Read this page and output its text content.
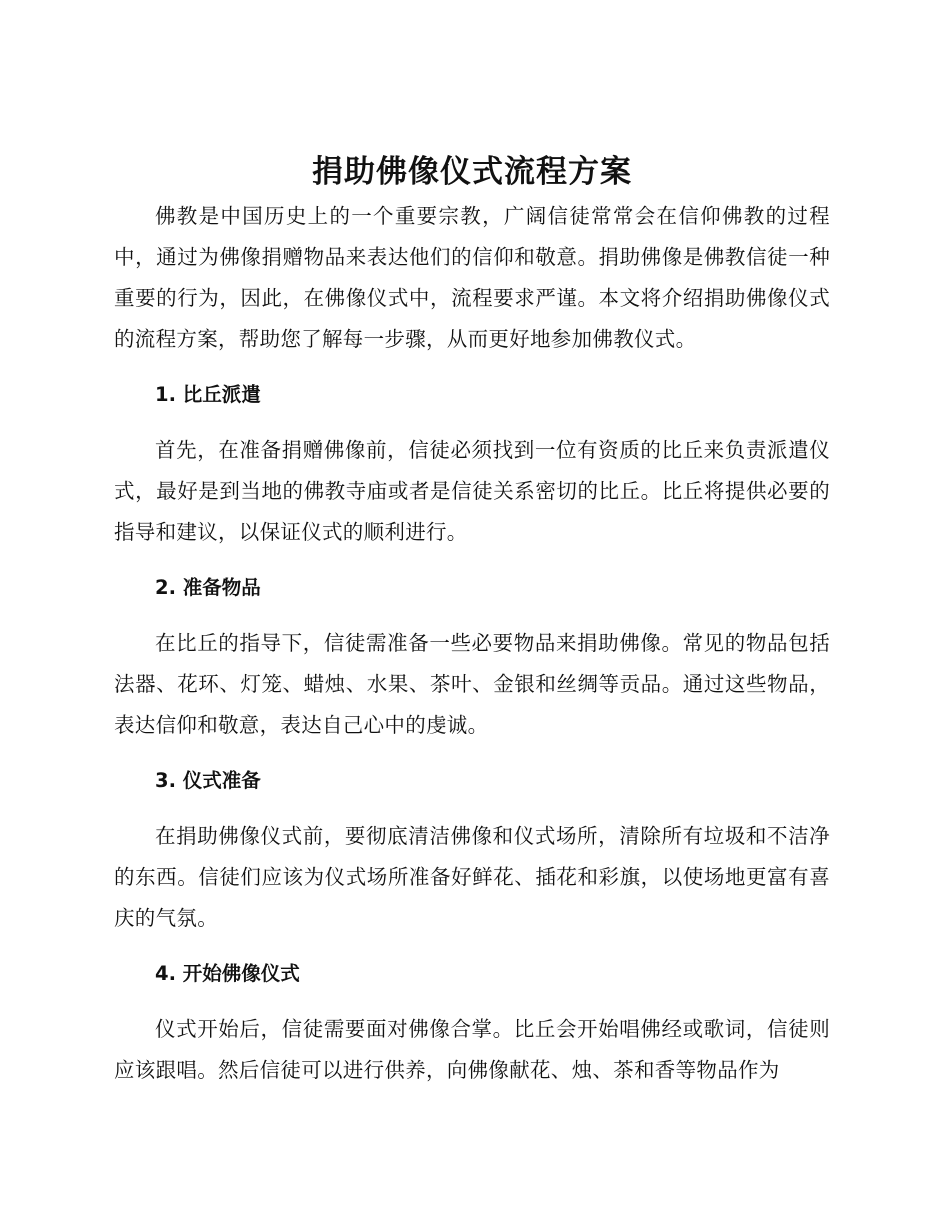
捐助佛像仪式流程方案

佛教是中国历史上的一个重要宗教，广阔信徒常常会在信仰佛教的过程中，通过为佛像捐赠物品来表达他们的信仰和敬意。捐助佛像是佛教信徒一种重要的行为，因此，在佛像仪式中，流程要求严谨。本文将介绍捐助佛像仪式的流程方案，帮助您了解每一步骤，从而更好地参加佛教仪式。

1. 比丘派遣

首先，在准备捐赠佛像前，信徒必须找到一位有资质的比丘来负责派遣仪式，最好是到当地的佛教寺庙或者是信徒关系密切的比丘。比丘将提供必要的指导和建议，以保证仪式的顺利进行。

2. 准备物品

在比丘的指导下，信徒需准备一些必要物品来捐助佛像。常见的物品包括法器、花环、灯笼、蜡烛、水果、茶叶、金银和丝绸等贡品。通过这些物品，表达信仰和敬意，表达自己心中的虔诚。

3. 仪式准备

在捐助佛像仪式前，要彻底清洁佛像和仪式场所，清除所有垃圾和不洁净的东西。信徒们应该为仪式场所准备好鲜花、插花和彩旗，以使场地更富有喜庆的气氛。

4. 开始佛像仪式

仪式开始后，信徒需要面对佛像合掌。比丘会开始唱佛经或歌词，信徒则应该跟唱。然后信徒可以进行供养，向佛像献花、烛、茶和香等物品作为
